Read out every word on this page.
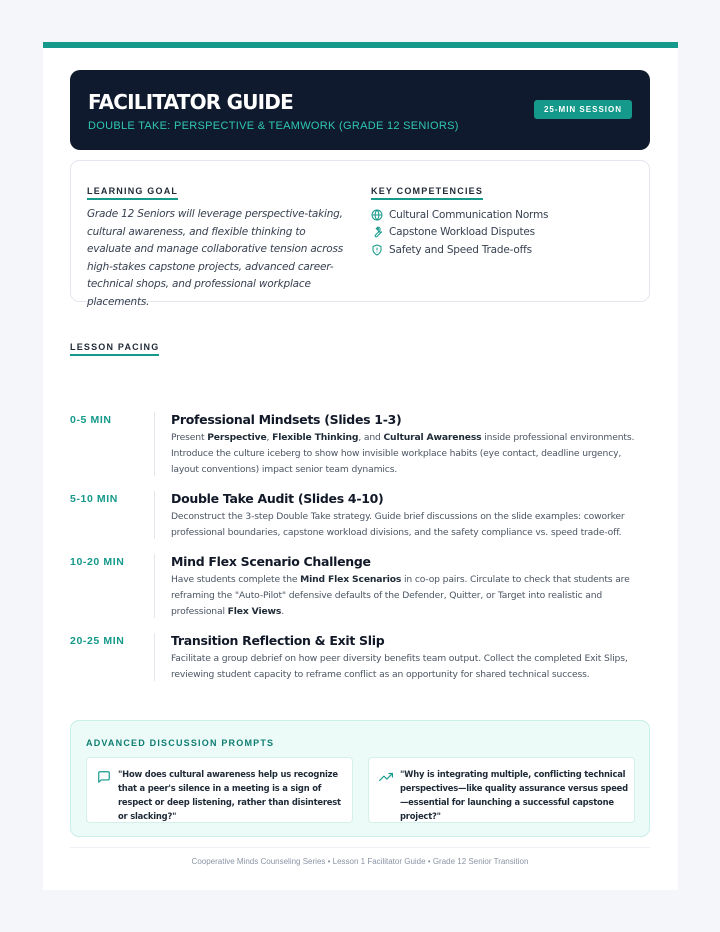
FACILITATOR GUIDE
DOUBLE TAKE: PERSPECTIVE & TEAMWORK (GRADE 12 SENIORS)
25-MIN SESSION
LEARNING GOAL

Grade 12 Seniors will leverage perspective-taking, cultural awareness, and flexible thinking to evaluate and manage collaborative tension across high-stakes capstone projects, advanced career-technical shops, and professional workplace placements.

KEY COMPETENCIES
Cultural Communication Norms
Capstone Workload Disputes
Safety and Speed Trade-offs
LESSON PACING
0-5 MIN	Professional Mindsets (Slides 1-3)
Present Perspective, Flexible Thinking, and Cultural Awareness inside professional environments. Introduce the culture iceberg to show how invisible workplace habits (eye contact, deadline urgency, layout conventions) impact senior team dynamics.
5-10 MIN	Double Take Audit (Slides 4-10)
Deconstruct the 3-step Double Take strategy. Guide brief discussions on the slide examples: coworker professional boundaries, capstone workload divisions, and the safety compliance vs. speed trade-off.
10-20 MIN	Mind Flex Scenario Challenge
Have students complete the Mind Flex Scenarios in co-op pairs. Circulate to check that students are reframing the "Auto-Pilot" defensive defaults of the Defender, Quitter, or Target into realistic and professional Flex Views.
20-25 MIN	Transition Reflection & Exit Slip
Facilitate a group debrief on how peer diversity benefits team output. Collect the completed Exit Slips, reviewing student capacity to reframe conflict as an opportunity for shared technical success.
ADVANCED DISCUSSION PROMPTS
"How does cultural awareness help us recognize that a peer's silence in a meeting is a sign of respect or deep listening, rather than disinterest or slacking?"
"Why is integrating multiple, conflicting technical perspectives—like quality assurance versus speed—essential for launching a successful capstone project?"
Cooperative Minds Counseling Series • Lesson 1 Facilitator Guide • Grade 12 Senior Transition
